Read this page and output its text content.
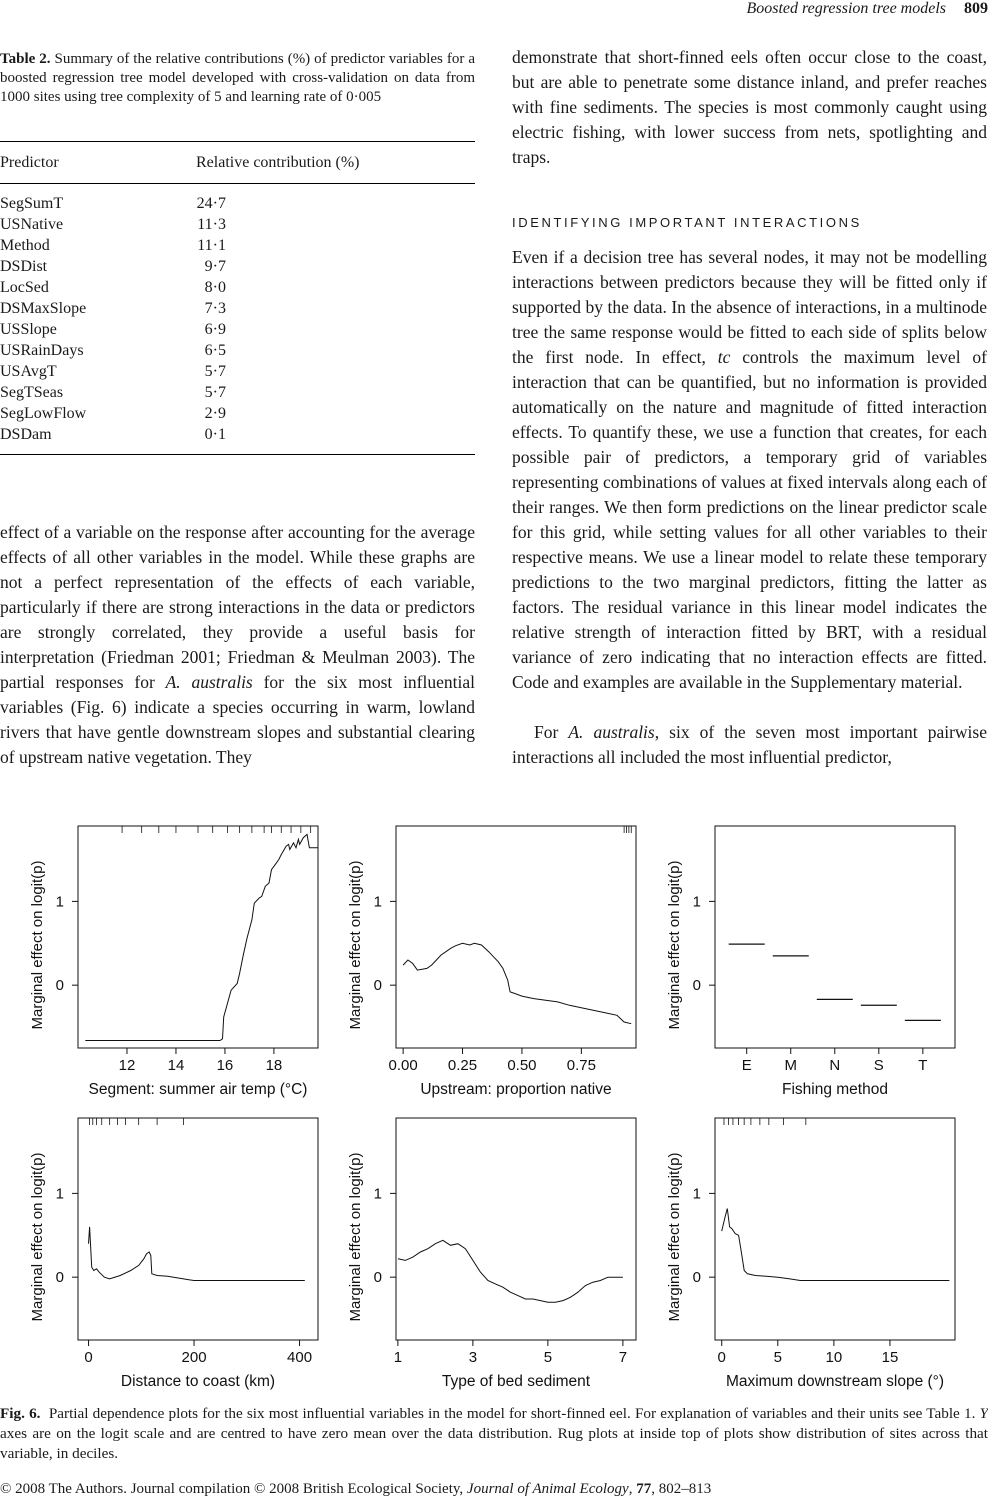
Boosted regression tree models 809
Table 2. Summary of the relative contributions (%) of predictor variables for a boosted regression tree model developed with cross-validation on data from 1000 sites using tree complexity of 5 and learning rate of 0·005
Predictor	Relative contribution (%)
SegSumT	24·7
USNative	11·3
Method	11·1
DSDist	9·7
LocSed	8·0
DSMaxSlope	7·3
USSlope	6·9
USRainDays	6·5
USAvgT	5·7
SegTSeas	5·7
SegLowFlow	2·9
DSDam	0·1
effect of a variable on the response after accounting for the average effects of all other variables in the model. While these graphs are not a perfect representation of the effects of each variable, particularly if there are strong interactions in the data or predictors are strongly correlated, they provide a useful basis for interpretation (Friedman 2001; Friedman & Meulman 2003). The partial responses for A. australis for the six most influential variables (Fig. 6) indicate a species occurring in warm, lowland rivers that have gentle downstream slopes and substantial clearing of upstream native vegetation. They
demonstrate that short-finned eels often occur close to the coast, but are able to penetrate some distance inland, and prefer reaches with fine sediments. The species is most commonly caught using electric fishing, with lower success from nets, spotlighting and traps.
IDENTIFYING IMPORTANT INTERACTIONS
Even if a decision tree has several nodes, it may not be modelling interactions between predictors because they will be fitted only if supported by the data. In the absence of interactions, in a multinode tree the same response would be fitted to each side of splits below the first node. In effect, tc controls the maximum level of interaction that can be quantified, but no information is provided automatically on the nature and magnitude of fitted interaction effects. To quantify these, we use a function that creates, for each possible pair of predictors, a temporary grid of variables representing combinations of values at fixed intervals along each of their ranges. We then form predictions on the linear predictor scale for this grid, while setting values for all other variables to their respective means. We use a linear model to relate these temporary predictions to the two marginal predictors, fitting the latter as factors. The residual variance in this linear model indicates the relative strength of interaction fitted by BRT, with a residual variance of zero indicating that no interaction effects are fitted. Code and examples are available in the Supplementary material.
For A. australis, six of the seven most important pairwise interactions all included the most influential predictor,
0
1
Marginal effect on logit(p)
12 14 16 18
Segment: summer air temp (°C)
0
1
Marginal effect on logit(p)
0.00 0.25 0.50 0.75
Upstream: proportion native
0
1
Marginal effect on logit(p)
E M N S T
Fishing method
0
1
Marginal effect on logit(p)
0	200	400
Distance to coast (km)
0
1
Marginal effect on logit(p)
1	3	5	7
Type of bed sediment
0
1
Marginal effect on logit(p)
0	5	10	15
Maximum downstream slope (°)
Fig. 6. Partial dependence plots for the six most influential variables in the model for short-finned eel. For explanation of variables and their units see Table 1. Y axes are on the logit scale and are centred to have zero mean over the data distribution. Rug plots at inside top of plots show distribution of sites across that variable, in deciles.
© 2008 The Authors. Journal compilation © 2008 British Ecological Society, Journal of Animal Ecology, 77, 802–813
